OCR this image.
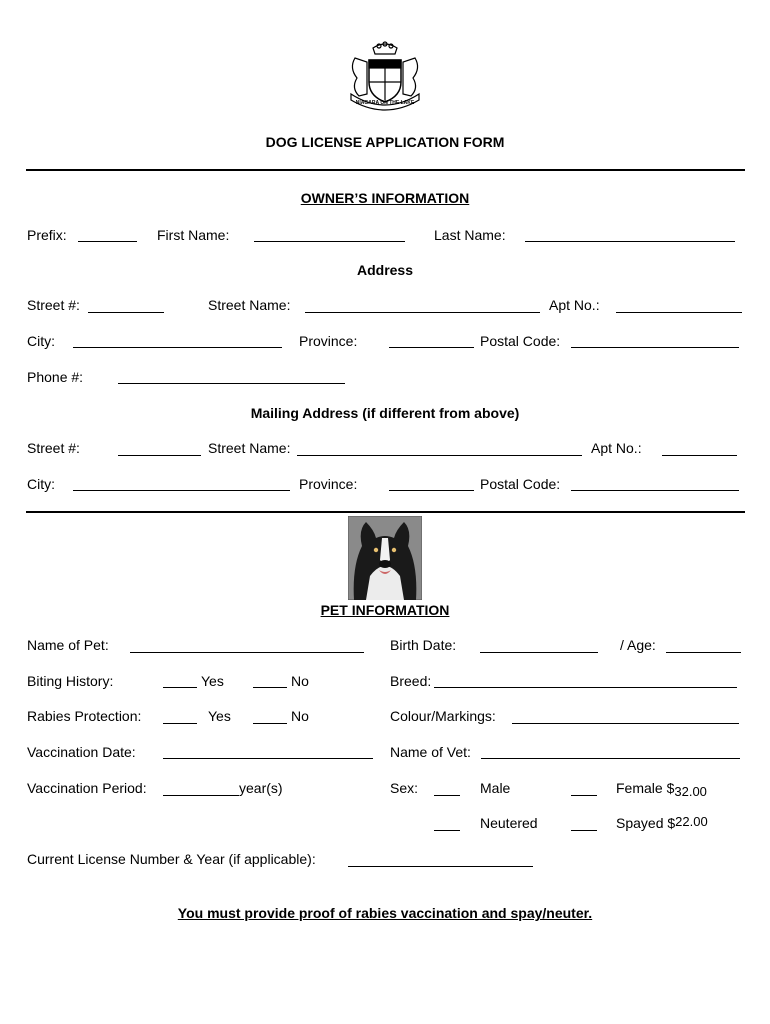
NIAGARA ON THE LAKE
DOG LICENSE APPLICATION FORM
OWNER’S INFORMATION
Prefix:	First Name:	Last Name:
Address
Street #:	Street Name:	Apt No.:
City:	Province:	Postal Code:
Phone #:
Mailing Address (if different from above)
Street #:	Street Name:	Apt No.:
City:	Province:	Postal Code:
PET INFORMATION
Name of Pet:	Birth Date:	/ Age:
Biting History:	Yes	No	Breed:
Rabies Protection:	Yes	No	Colour/Markings:
Vaccination Date:	Name of Vet:
Vaccination Period:	year(s)	Sex:	Male	Female $32.00
Neutered	Spayed $22.00
Current License Number & Year (if applicable):
You must provide proof of rabies vaccination and spay/neuter.
